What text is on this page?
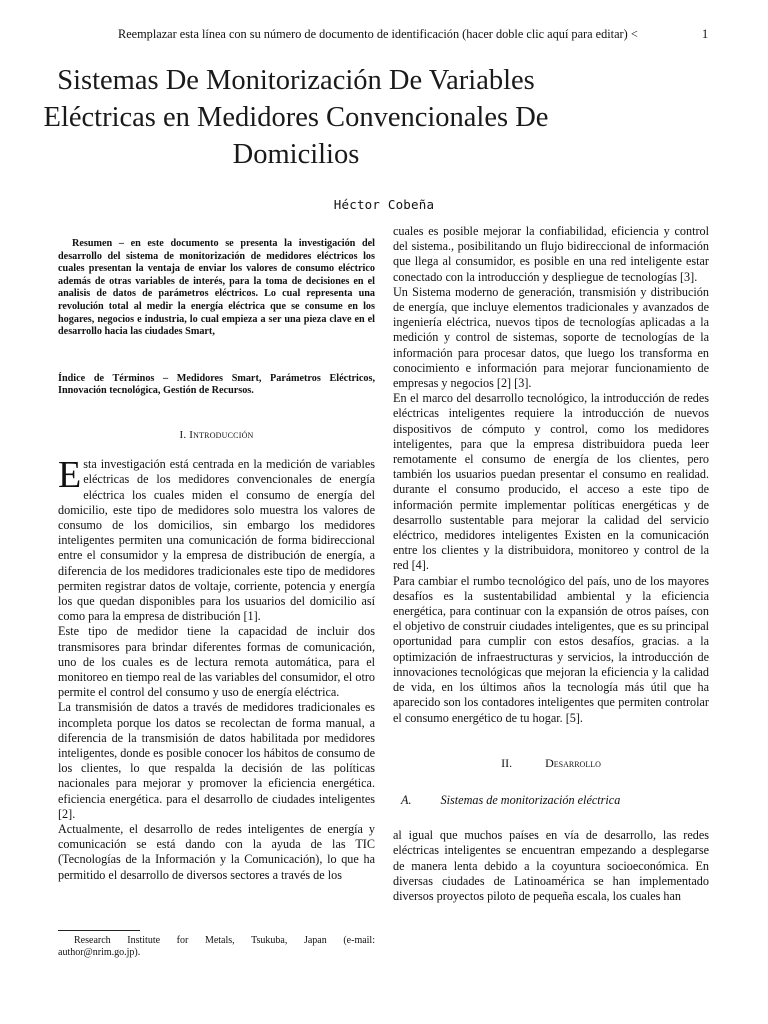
Reemplazar esta línea con su número de documento de identificación (hacer doble clic aquí para editar) <	1
Sistemas De Monitorización De Variables Eléctricas en Medidores Convencionales De Domicilios
Héctor Cobeña

Resumen – en este documento se presenta la investigación del desarrollo del sistema de monitorización de medidores eléctricos los cuales presentan la ventaja de enviar los valores de consumo eléctrico además de otras variables de interés, para la toma de decisiones en el analisis de datos de parámetros eléctricos. Lo cual representa una revolución total al medir la energía eléctrica que se consume en los hogares, negocios e industria, lo cual empieza a ser una pieza clave en el desarrollo hacia las ciudades Smart,

Índice de Términos – Medidores Smart, Parámetros Eléctricos, Innovación tecnológica, Gestión de Recursos.

I. Introducción

Esta investigación está centrada en la medición de variables eléctricas de los medidores convencionales de energía eléctrica los cuales miden el consumo de energía del domicilio, este tipo de medidores solo muestra los valores de consumo de los domicilios, sin embargo los medidores inteligentes permiten una comunicación de forma bidireccional entre el consumidor y la empresa de distribución de energía, a diferencia de los medidores tradicionales este tipo de medidores permiten registrar datos de voltaje, corriente, potencia y energía los que quedan disponibles para los usuarios del domicilio así como para la empresa de distribución [1].

Este tipo de medidor tiene la capacidad de incluir dos transmisores para brindar diferentes formas de comunicación, uno de los cuales es de lectura remota automática, para el monitoreo en tiempo real de las variables del consumidor, el otro permite el control del consumo y uso de energía eléctrica.

La transmisión de datos a través de medidores tradicionales es incompleta porque los datos se recolectan de forma manual, a diferencia de la transmisión de datos habilitada por medidores inteligentes, donde es posible conocer los hábitos de consumo de los clientes, lo que respalda la decisión de las políticas nacionales para mejorar y promover la eficiencia energética. eficiencia energética. para el desarrollo de ciudades inteligentes [2].

Actualmente, el desarrollo de redes inteligentes de energía y comunicación se está dando con la ayuda de las TIC (Tecnologías de la Información y la Comunicación), lo que ha permitido el desarrollo de diversos sectores a través de los

Research Institute for Metals, Tsukuba, Japan (e-mail: author@nrim.go.jp).

cuales es posible mejorar la confiabilidad, eficiencia y control del sistema., posibilitando un flujo bidireccional de información que llega al consumidor, es posible en una red inteligente estar conectado con la introducción y despliegue de tecnologías [3].

Un Sistema moderno de generación, transmisión y distribución de energía, que incluye elementos tradicionales y avanzados de ingeniería eléctrica, nuevos tipos de tecnologías aplicadas a la medición y control de sistemas, soporte de tecnologías de la información para procesar datos, que luego los transforma en conocimiento e información para mejorar funcionamiento de empresas y negocios [2] [3].

En el marco del desarrollo tecnológico, la introducción de redes eléctricas inteligentes requiere la introducción de nuevos dispositivos de cómputo y control, como los medidores inteligentes, para que la empresa distribuidora pueda leer remotamente el consumo de energía de los clientes, pero también los usuarios puedan presentar el consumo en realidad. durante el consumo producido, el acceso a este tipo de información permite implementar políticas energéticas y de desarrollo sustentable para mejorar la calidad del servicio eléctrico, medidores inteligentes Existen en la comunicación entre los clientes y la distribuidora, monitoreo y control de la red [4].

Para cambiar el rumbo tecnológico del país, uno de los mayores desafíos es la sustentabilidad ambiental y la eficiencia energética, para continuar con la expansión de otros países, con el objetivo de construir ciudades inteligentes, que es su principal oportunidad para cumplir con estos desafíos, gracias. a la optimización de infraestructuras y servicios, la introducción de innovaciones tecnológicas que mejoran la eficiencia y la calidad de vida, en los últimos años la tecnología más útil que ha aparecido son los contadores inteligentes que permiten controlar el consumo energético de tu hogar. [5].

II.	Desarrollo
A. Sistemas de monitorización eléctrica

al igual que muchos países en vía de desarrollo, las redes eléctricas inteligentes se encuentran empezando a desplegarse de manera lenta debido a la coyuntura socioeconómica. En diversas ciudades de Latinoamérica se han implementado diversos proyectos piloto de pequeña escala, los cuales han
